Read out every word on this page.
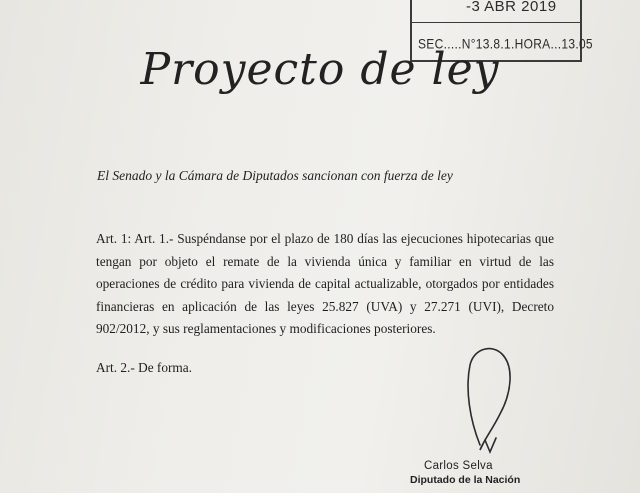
-3 ABR 2019
SEC.....N°13.8.1.HORA...13.05
Proyecto de ley
El Senado y la Cámara de Diputados sancionan con fuerza de ley
Art. 1: Art. 1.- Suspéndanse por el plazo de 180 días las ejecuciones hipotecarias que tengan por objeto el remate de la vivienda única y familiar en virtud de las operaciones de crédito para vivienda de capital actualizable, otorgados por entidades financieras en aplicación de las leyes 25.827 (UVA) y 27.271 (UVI), Decreto 902/2012, y sus reglamentaciones y modificaciones posteriores.
Art. 2.- De forma.
Carlos Selva
Diputado de la Nación
